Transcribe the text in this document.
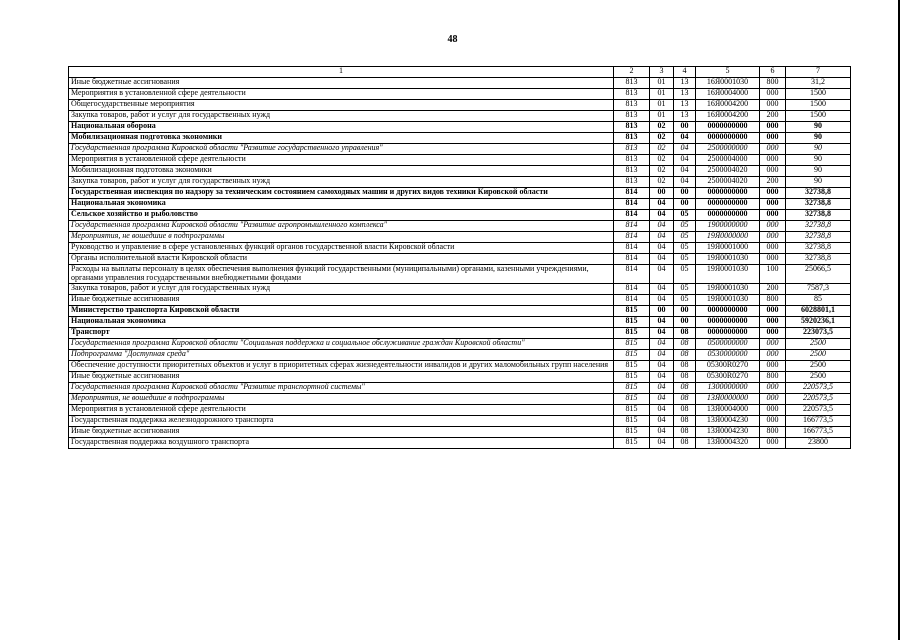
48
1	2	3	4	5	6	7
Иные бюджетные ассигнования	813	01	13	16Я0001030	800	31,2
Мероприятия в установленной сфере деятельности	813	01	13	16Я0004000	000	1500
Общегосударственные мероприятия	813	01	13	16Я0004200	000	1500
Закупка товаров, работ и услуг для государственных нужд	813	01	13	16Я0004200	200	1500
Национальная оборона	813	02	00	0000000000	000	90
Мобилизационная подготовка экономики	813	02	04	0000000000	000	90
Государственная программа Кировской области "Развитие государственного управления"	813	02	04	2500000000	000	90
Мероприятия в установленной сфере деятельности	813	02	04	2500004000	000	90
Мобилизационная подготовка экономики	813	02	04	2500004020	000	90
Закупка товаров, работ и услуг для государственных нужд	813	02	04	2500004020	200	90
Государственная инспекция по надзору за техническим состоянием самоходных машин и других видов техники Кировской области	814	00	00	0000000000	000	32738,8
Национальная экономика	814	04	00	0000000000	000	32738,8
Сельское хозяйство и рыболовство	814	04	05	0000000000	000	32738,8
Государственная программа Кировской области "Развитие агропромышленного комплекса"	814	04	05	1900000000	000	32738,8
Мероприятия, не вошедшие в подпрограммы	814	04	05	19Я0000000	000	32738,8
Руководство и управление в сфере установленных функций органов государственной власти Кировской области	814	04	05	19Я0001000	000	32738,8
Органы исполнительной власти Кировской области	814	04	05	19Я0001030	000	32738,8
Расходы на выплаты персоналу в целях обеспечения выполнения функций государственными (муниципальными) органами, казенными учреждениями, органами управления государственными внебюджетными фондами	814	04	05	19Я0001030	100	25066,5
Закупка товаров, работ и услуг для государственных нужд	814	04	05	19Я0001030	200	7587,3
Иные бюджетные ассигнования	814	04	05	19Я0001030	800	85
Министерство транспорта Кировской области	815	00	00	0000000000	000	6028801,1
Национальная экономика	815	04	00	0000000000	000	5920236,1
Транспорт	815	04	08	0000000000	000	223073,5
Государственная программа Кировской области "Социальная поддержка и социальное обслуживание граждан Кировской области"	815	04	08	0500000000	000	2500
Подпрограмма "Доступная среда"	815	04	08	0530000000	000	2500
Обеспечение доступности приоритетных объектов и услуг в приоритетных сферах жизнедеятельности инвалидов и других маломобильных групп населения	815	04	08	05300R0270	000	2500
Иные бюджетные ассигнования	815	04	08	05300R0270	800	2500
Государственная программа Кировской области "Развитие транспортной системы"	815	04	08	1300000000	000	220573,5
Мероприятия, не вошедшие в подпрограммы	815	04	08	13Я0000000	000	220573,5
Мероприятия в установленной сфере деятельности	815	04	08	13Я0004000	000	220573,5
Государственная поддержка железнодорожного транспорта	815	04	08	13Я0004230	000	166773,5
Иные бюджетные ассигнования	815	04	08	13Я0004230	800	166773,5
Государственная поддержка воздушного транспорта	815	04	08	13Я0004320	000	23800
